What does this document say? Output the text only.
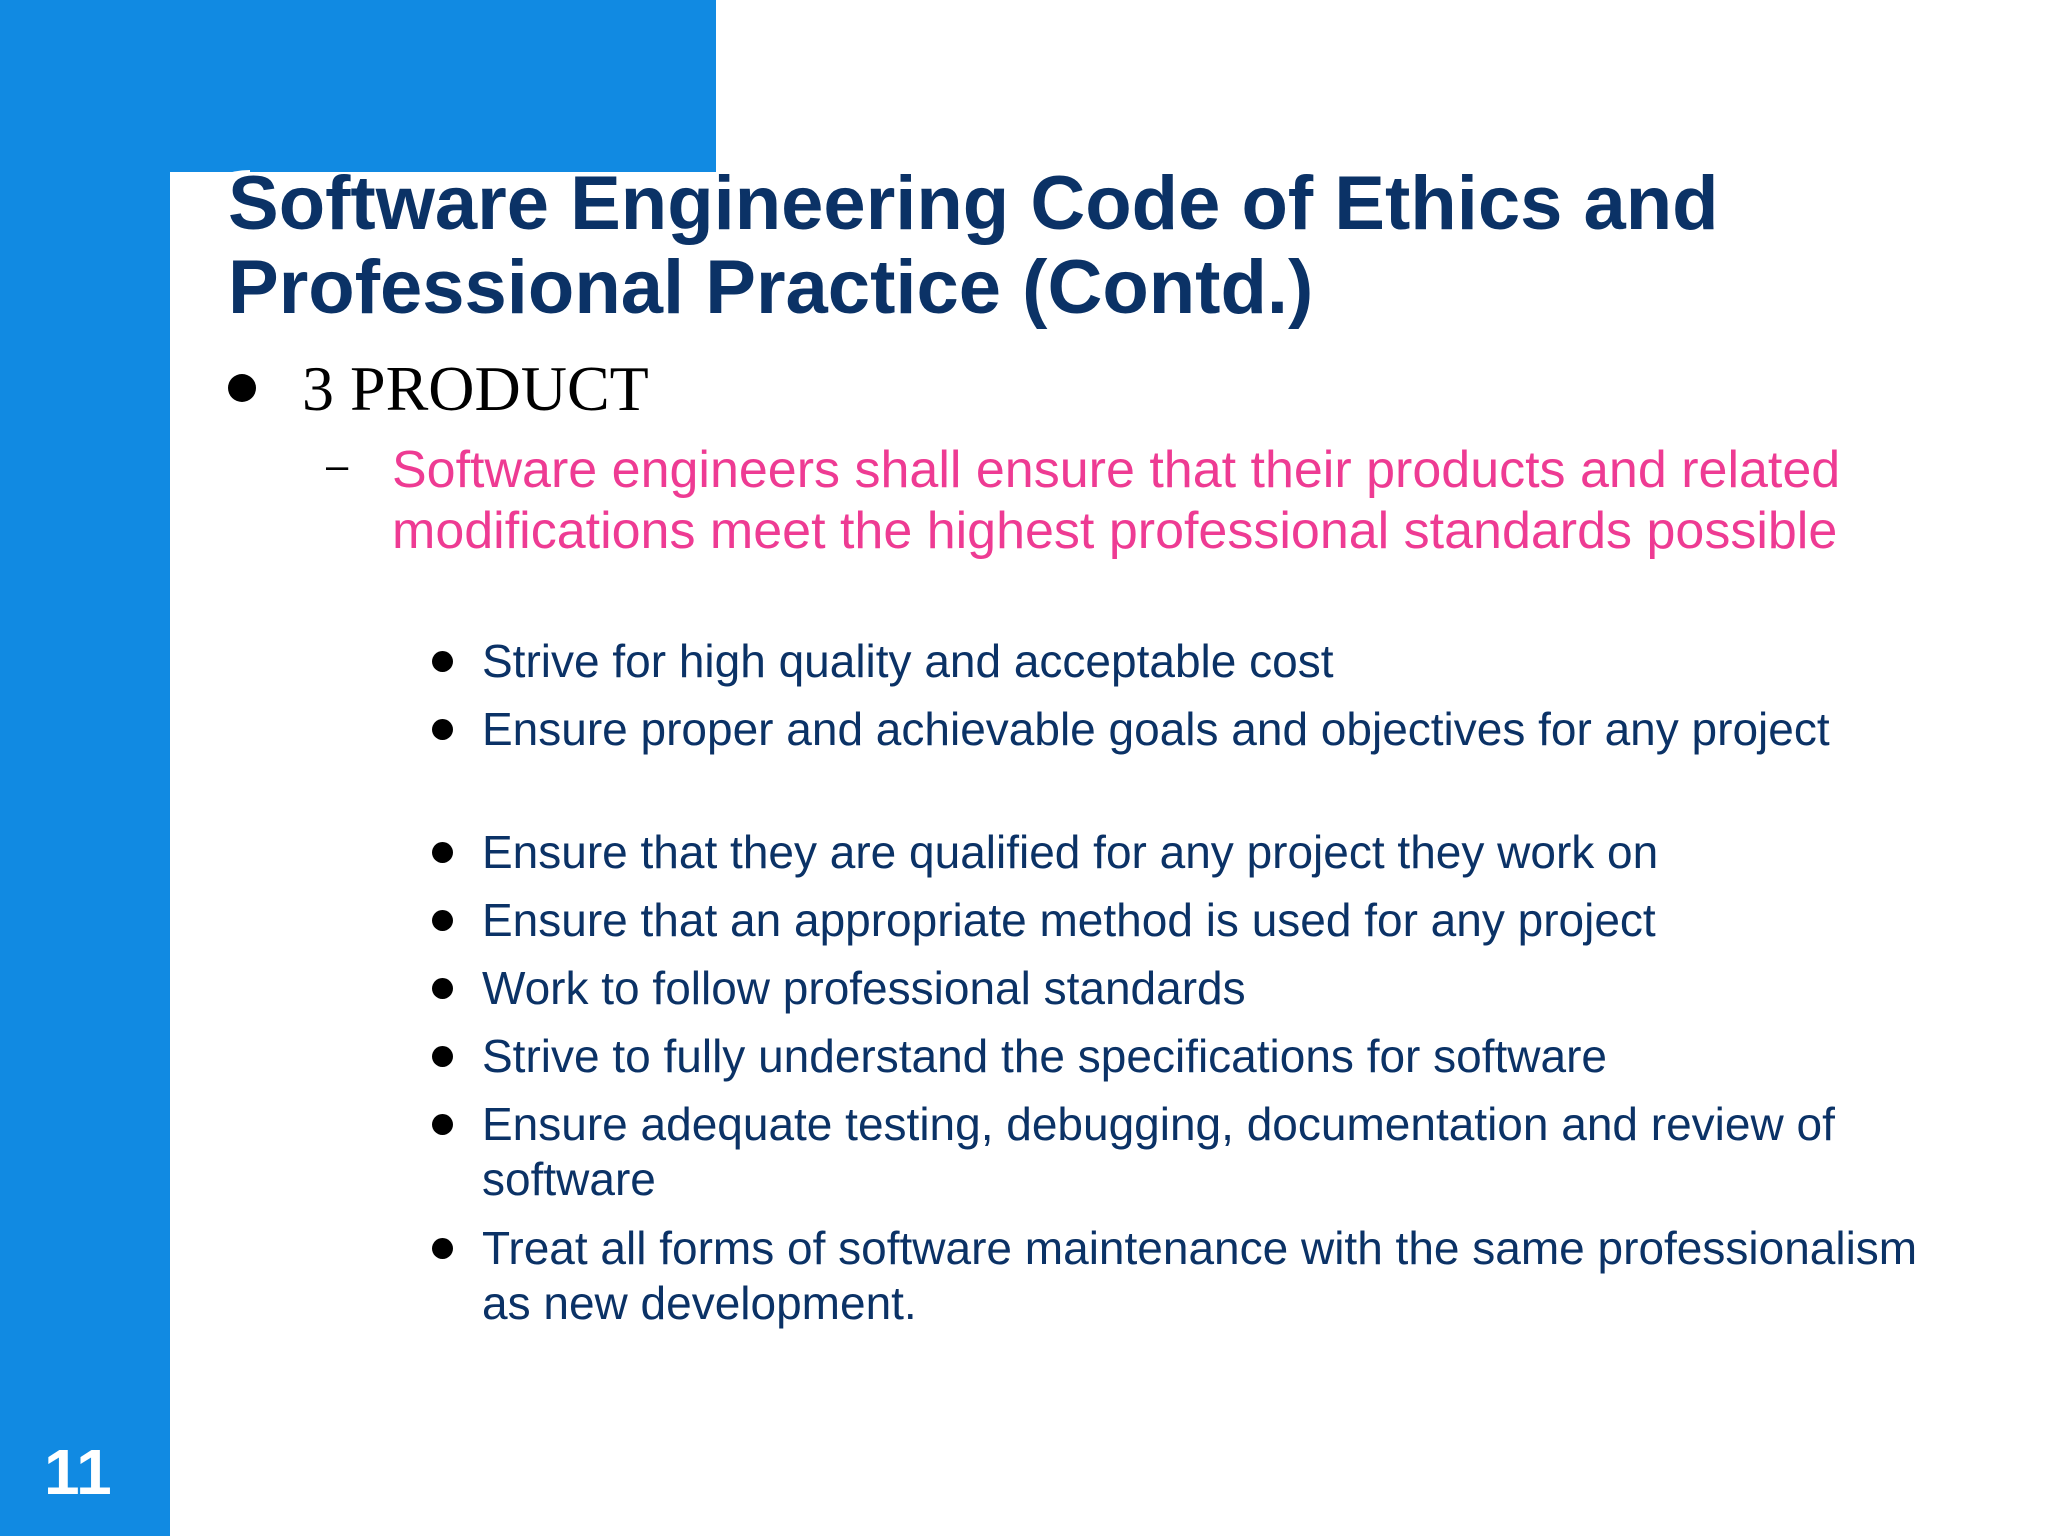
11
Software Engineering Code of Ethics and Professional Practice (Contd.)
3 PRODUCT
– Software engineers shall ensure that their products and related modifications meet the highest professional standards possible
Strive for high quality and acceptable cost
Ensure proper and achievable goals and objectives for any project
Ensure that they are qualified for any project they work on
Ensure that an appropriate method is used for any project
Work to follow professional standards
Strive to fully understand the specifications for software
Ensure adequate testing, debugging, documentation and review of software
Treat all forms of software maintenance with the same professionalism as new development.
